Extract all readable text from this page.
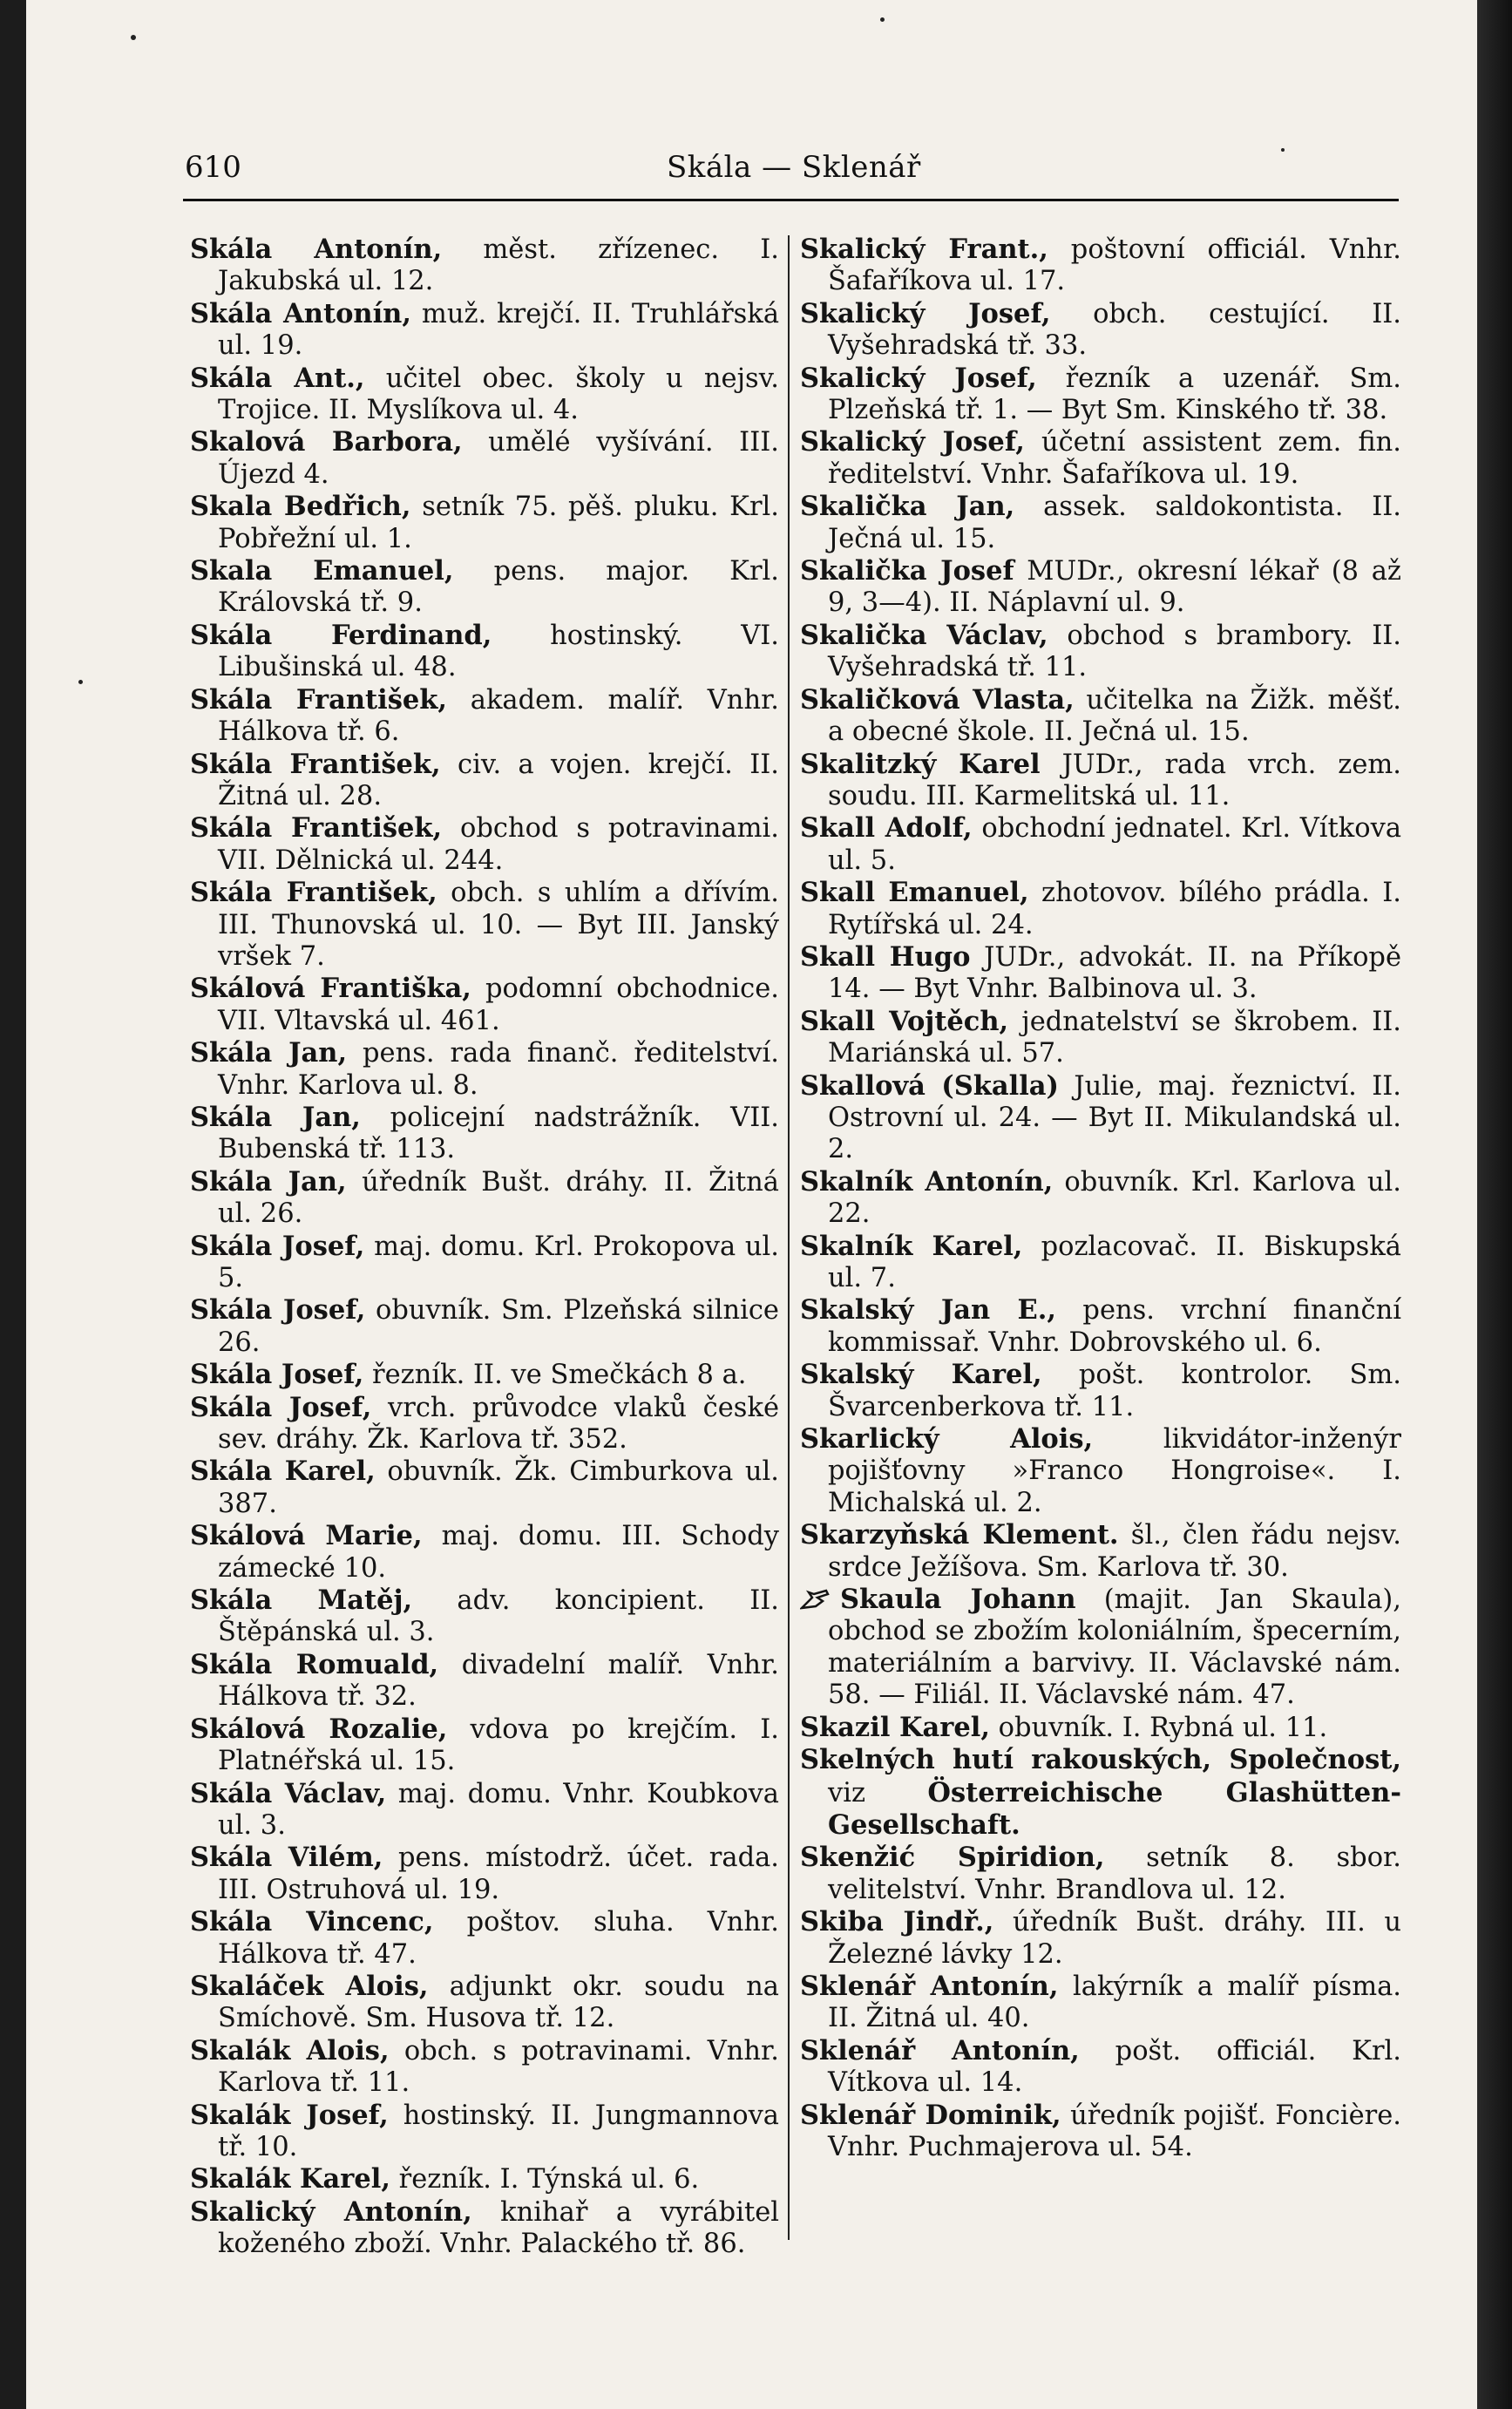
610	Skála — Sklenář

Skála Antonín, měst. zřízenec. I. Jakubská ul. 12.

Skála Antonín, muž. krejčí. II. Truhlářská ul. 19.

Skála Ant., učitel obec. školy u nejsv. Trojice. II. Myslíkova ul. 4.

Skalová Barbora, umělé vyšívání. III. Újezd 4.

Skala Bedřich, setník 75. pěš. pluku. Krl. Pobřežní ul. 1.

Skala Emanuel, pens. major. Krl. Královská tř. 9.

Skála Ferdinand, hostinský. VI. Libušinská ul. 48.

Skála František, akadem. malíř. Vnhr. Hálkova tř. 6.

Skála František, civ. a vojen. krejčí. II. Žitná ul. 28.

Skála František, obchod s potravinami. VII. Dělnická ul. 244.

Skála František, obch. s uhlím a dřívím. III. Thunovská ul. 10. — Byt III. Janský vršek 7.

Skálová Františka, podomní obchodnice. VII. Vltavská ul. 461.

Skála Jan, pens. rada finanč. ředitelství. Vnhr. Karlova ul. 8.

Skála Jan, policejní nadstrážník. VII. Bubenská tř. 113.

Skála Jan, úředník Bušt. dráhy. II. Žitná ul. 26.

Skála Josef, maj. domu. Krl. Prokopova ul. 5.

Skála Josef, obuvník. Sm. Plzeňská silnice 26.

Skála Josef, řezník. II. ve Smečkách 8 a.

Skála Josef, vrch. průvodce vlaků české sev. dráhy. Žk. Karlova tř. 352.

Skála Karel, obuvník. Žk. Cimburkova ul. 387.

Skálová Marie, maj. domu. III. Schody zámecké 10.

Skála Matěj, adv. koncipient. II. Štěpánská ul. 3.

Skála Romuald, divadelní malíř. Vnhr. Hálkova tř. 32.

Skálová Rozalie, vdova po krejčím. I. Platnéřská ul. 15.

Skála Václav, maj. domu. Vnhr. Koubkova ul. 3.

Skála Vilém, pens. místodrž. účet. rada. III. Ostruhová ul. 19.

Skála Vincenc, poštov. sluha. Vnhr. Hálkova tř. 47.

Skaláček Alois, adjunkt okr. soudu na Smíchově. Sm. Husova tř. 12.

Skalák Alois, obch. s potravinami. Vnhr. Karlova tř. 11.

Skalák Josef, hostinský. II. Jungmannova tř. 10.

Skalák Karel, řezník. I. Týnská ul. 6.

Skalický Antonín, knihař a vyrábitel koženého zboží. Vnhr. Palackého tř. 86.

Skalický Frant., poštovní officiál. Vnhr. Šafaříkova ul. 17.

Skalický Josef, obch. cestující. II. Vyšehradská tř. 33.

Skalický Josef, řezník a uzenář. Sm. Plzeňská tř. 1. — Byt Sm. Kinského tř. 38.

Skalický Josef, účetní assistent zem. fin. ředitelství. Vnhr. Šafaříkova ul. 19.

Skalička Jan, assek. saldokontista. II. Ječná ul. 15.

Skalička Josef MUDr., okresní lékař (8 až 9, 3—4). II. Náplavní ul. 9.

Skalička Václav, obchod s brambory. II. Vyšehradská tř. 11.

Skaličková Vlasta, učitelka na Žižk. měšť. a obecné škole. II. Ječná ul. 15.

Skalitzký Karel JUDr., rada vrch. zem. soudu. III. Karmelitská ul. 11.

Skall Adolf, obchodní jednatel. Krl. Vítkova ul. 5.

Skall Emanuel, zhotovov. bílého prádla. I. Rytířská ul. 24.

Skall Hugo JUDr., advokát. II. na Příkopě 14. — Byt Vnhr. Balbinova ul. 3.

Skall Vojtěch, jednatelství se škrobem. II. Mariánská ul. 57.

Skallová (Skalla) Julie, maj. řeznictví. II. Ostrovní ul. 24. — Byt II. Mikulandská ul. 2.

Skalník Antonín, obuvník. Krl. Karlova ul. 22.

Skalník Karel, pozlacovač. II. Biskupská ul. 7.

Skalský Jan E., pens. vrchní finanční kommissař. Vnhr. Dobrovského ul. 6.

Skalský Karel, pošt. kontrolor. Sm. Švarcenberkova tř. 11.

Skarlický Alois, likvidátor-inženýr pojišťovny »Franco Hongroise«. I. Michalská ul. 2.

Skarzyňská Klement. šl., člen řádu nejsv. srdce Ježíšova. Sm. Karlova tř. 30.

Skaula Johann (majit. Jan Skaula), obchod se zbožím koloniálním, špecerním, materiálním a barvivy. II. Václavské nám. 58. — Filiál. II. Václavské nám. 47.

Skazil Karel, obuvník. I. Rybná ul. 11.

Skelných hutí rakouských, Společnost, viz Österreichische Glashütten-Gesellschaft.

Skenžić Spiridion, setník 8. sbor. velitelství. Vnhr. Brandlova ul. 12.

Skiba Jindř., úředník Bušt. dráhy. III. u Železné lávky 12.

Sklenář Antonín, lakýrník a malíř písma. II. Žitná ul. 40.

Sklenář Antonín, pošt. officiál. Krl. Vítkova ul. 14.

Sklenář Dominik, úředník pojišť. Foncière. Vnhr. Puchmajerova ul. 54.
